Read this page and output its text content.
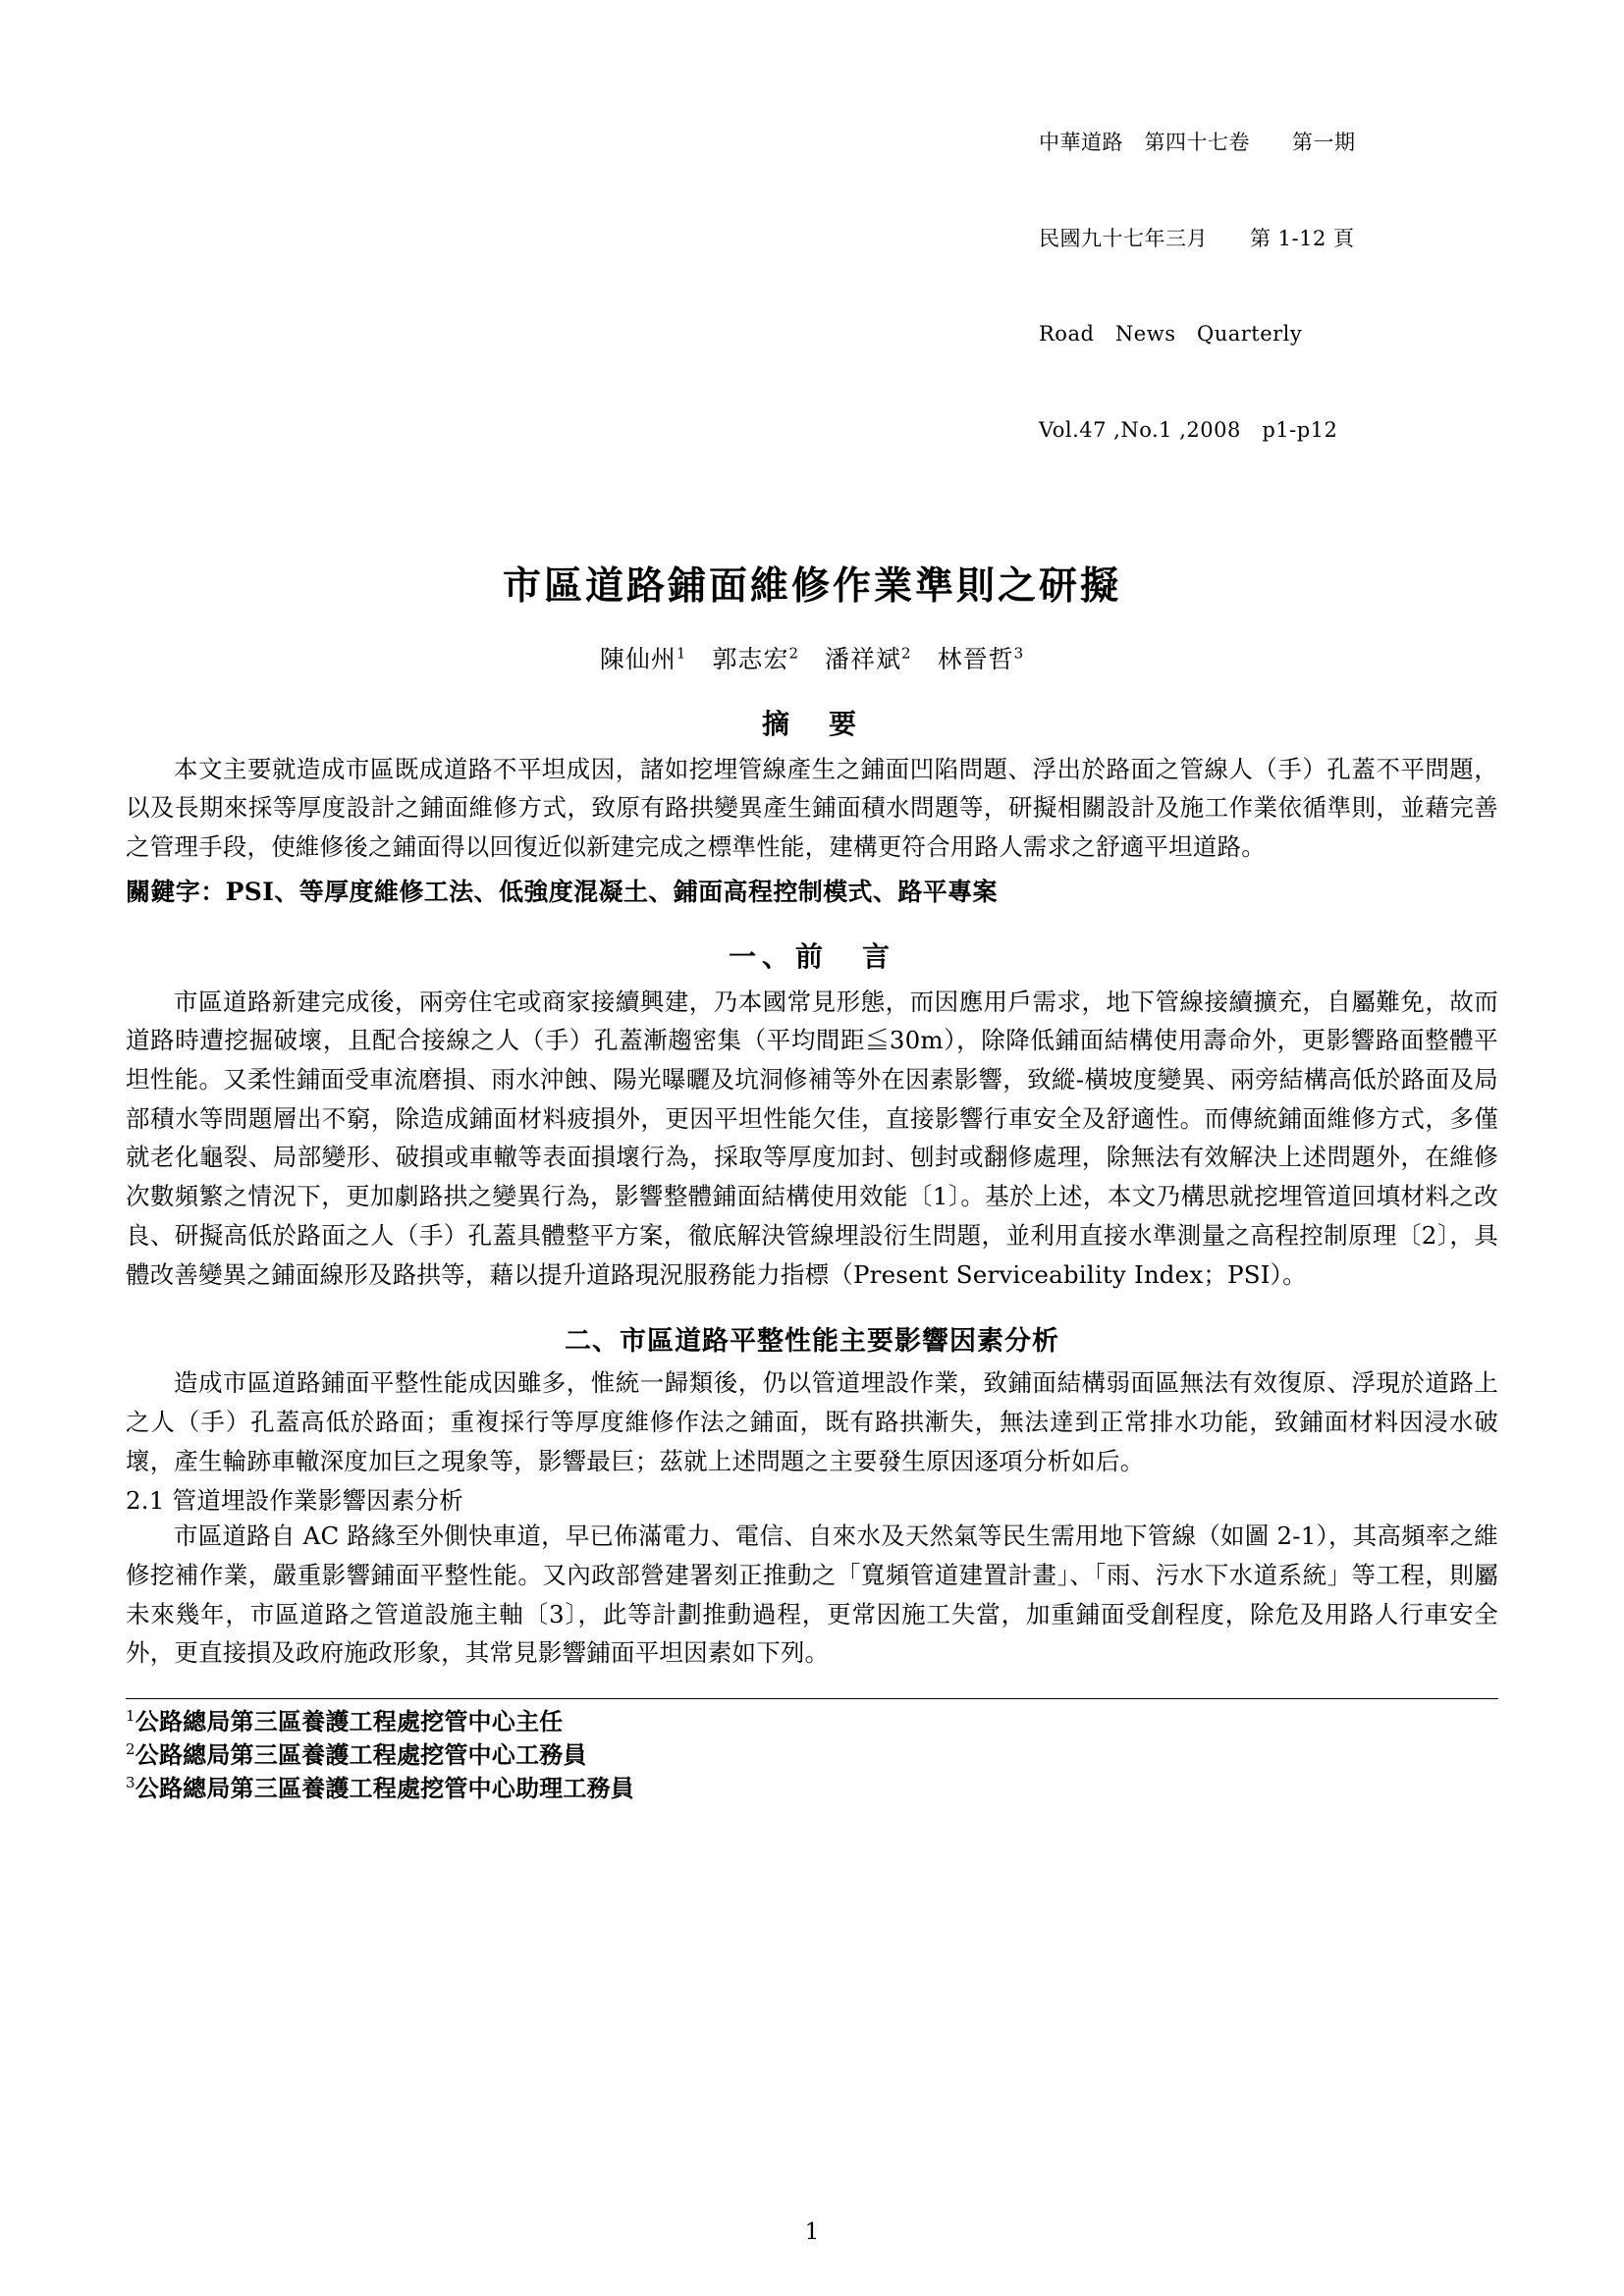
中華道路　第四十七卷　　第一期

民國九十七年三月　　第 1-12 頁

Road　News　Quarterly

Vol.47 ,No.1 ,2008　p1-p12

市區道路鋪面維修作業準則之研擬
陳仙州$^1$ 郭志宏$^2$ 潘祥斌$^2$ 林晉哲$^3$
摘　要

本文主要就造成市區既成道路不平坦成因，諸如挖埋管線產生之鋪面凹陷問題、浮出於路面之管線人（手）孔蓋不平問題，以及長期來採等厚度設計之鋪面維修方式，致原有路拱變異產生鋪面積水問題等，研擬相關設計及施工作業依循準則，並藉完善之管理手段，使維修後之鋪面得以回復近似新建完成之標準性能，建構更符合用路人需求之舒適平坦道路。

關鍵字：PSI、等厚度維修工法、低強度混凝土、鋪面高程控制模式、路平專案
一、前　言

市區道路新建完成後，兩旁住宅或商家接續興建，乃本國常見形態，而因應用戶需求，地下管線接續擴充，自屬難免，故而道路時遭挖掘破壞，且配合接線之人（手）孔蓋漸趨密集（平均間距≦30m），除降低鋪面結構使用壽命外，更影響路面整體平坦性能。又柔性鋪面受車流磨損、雨水沖蝕、陽光曝曬及坑洞修補等外在因素影響，致縱-橫坡度變異、兩旁結構高低於路面及局部積水等問題層出不窮，除造成鋪面材料疲損外，更因平坦性能欠佳，直接影響行車安全及舒適性。而傳統鋪面維修方式，多僅就老化龜裂、局部變形、破損或車轍等表面損壞行為，採取等厚度加封、刨封或翻修處理，除無法有效解決上述問題外，在維修次數頻繁之情況下，更加劇路拱之變異行為，影響整體鋪面結構使用效能〔1〕。基於上述，本文乃構思就挖埋管道回填材料之改良、研擬高低於路面之人（手）孔蓋具體整平方案，徹底解決管線埋設衍生問題，並利用直接水準測量之高程控制原理〔2〕，具體改善變異之鋪面線形及路拱等，藉以提升道路現況服務能力指標（Present Serviceability Index；PSI）。

二、市區道路平整性能主要影響因素分析

造成市區道路鋪面平整性能成因雖多，惟統一歸類後，仍以管道埋設作業，致鋪面結構弱面區無法有效復原、浮現於道路上之人（手）孔蓋高低於路面；重複採行等厚度維修作法之鋪面，既有路拱漸失，無法達到正常排水功能，致鋪面材料因浸水破壞，產生輪跡車轍深度加巨之現象等，影響最巨；茲就上述問題之主要發生原因逐項分析如后。

2.1 管道埋設作業影響因素分析

市區道路自 AC 路緣至外側快車道，早已佈滿電力、電信、自來水及天然氣等民生需用地下管線（如圖 2-1），其高頻率之維修挖補作業，嚴重影響鋪面平整性能。又內政部營建署刻正推動之「寬頻管道建置計畫」、「雨、污水下水道系統」等工程，則屬未來幾年，市區道路之管道設施主軸〔3〕，此等計劃推動過程，更常因施工失當，加重鋪面受創程度，除危及用路人行車安全外，更直接損及政府施政形象，其常見影響鋪面平坦因素如下列。

$^1$公路總局第三區養護工程處挖管中心主任
$^2$公路總局第三區養護工程處挖管中心工務員
$^3$公路總局第三區養護工程處挖管中心助理工務員
1
